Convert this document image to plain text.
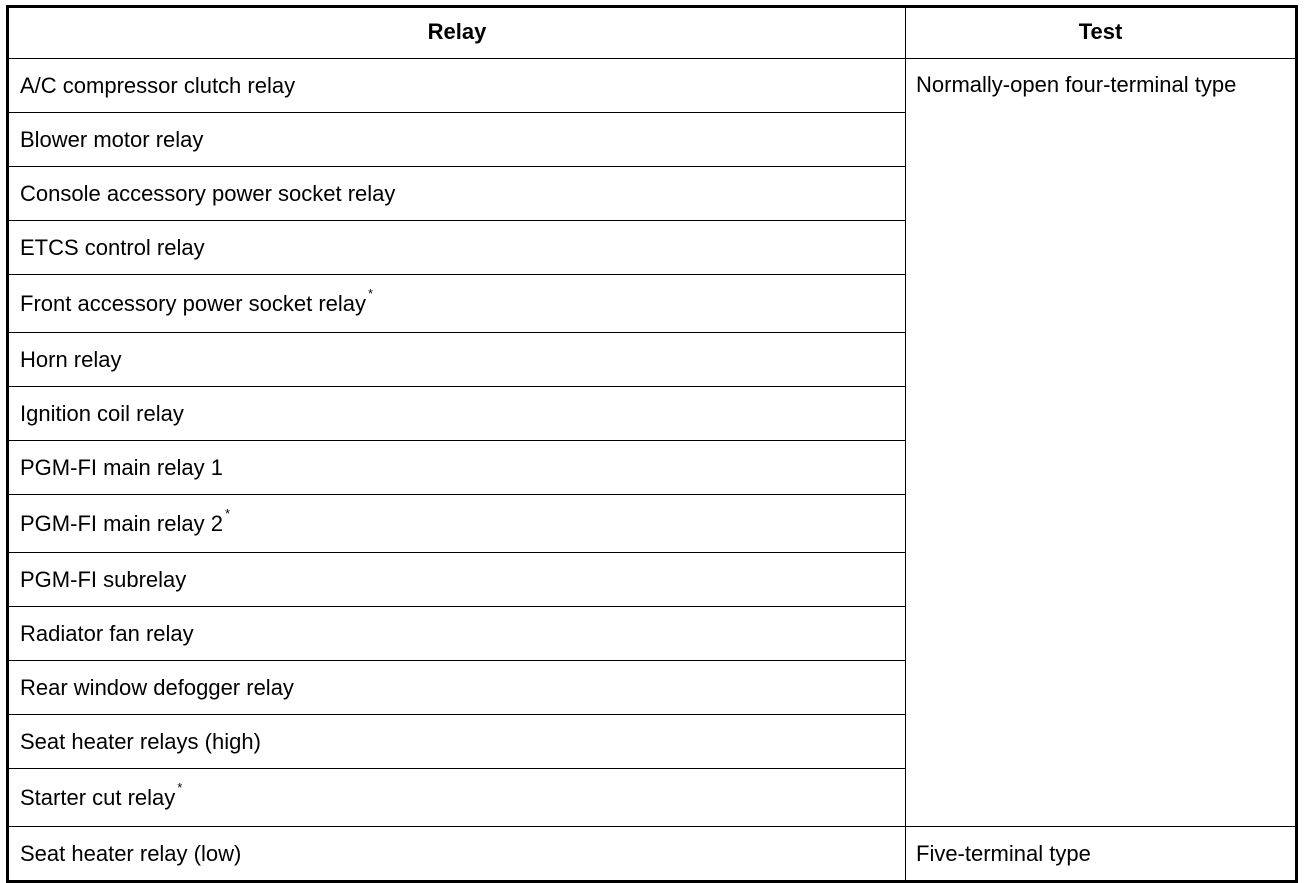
Relay	Test
A/C compressor clutch relay	Normally-open four-terminal type
Blower motor relay	
Console accessory power socket relay	
ETCS control relay	
Front accessory power socket relay *
Horn relay	
Ignition coil relay	
PGM-FI main relay 1	
PGM-FI main relay 2 *
PGM-FI subrelay	
Radiator fan relay	
Rear window defogger relay	
Seat heater relays (high)	
Starter cut relay *
Seat heater relay (low)	Five-terminal type
